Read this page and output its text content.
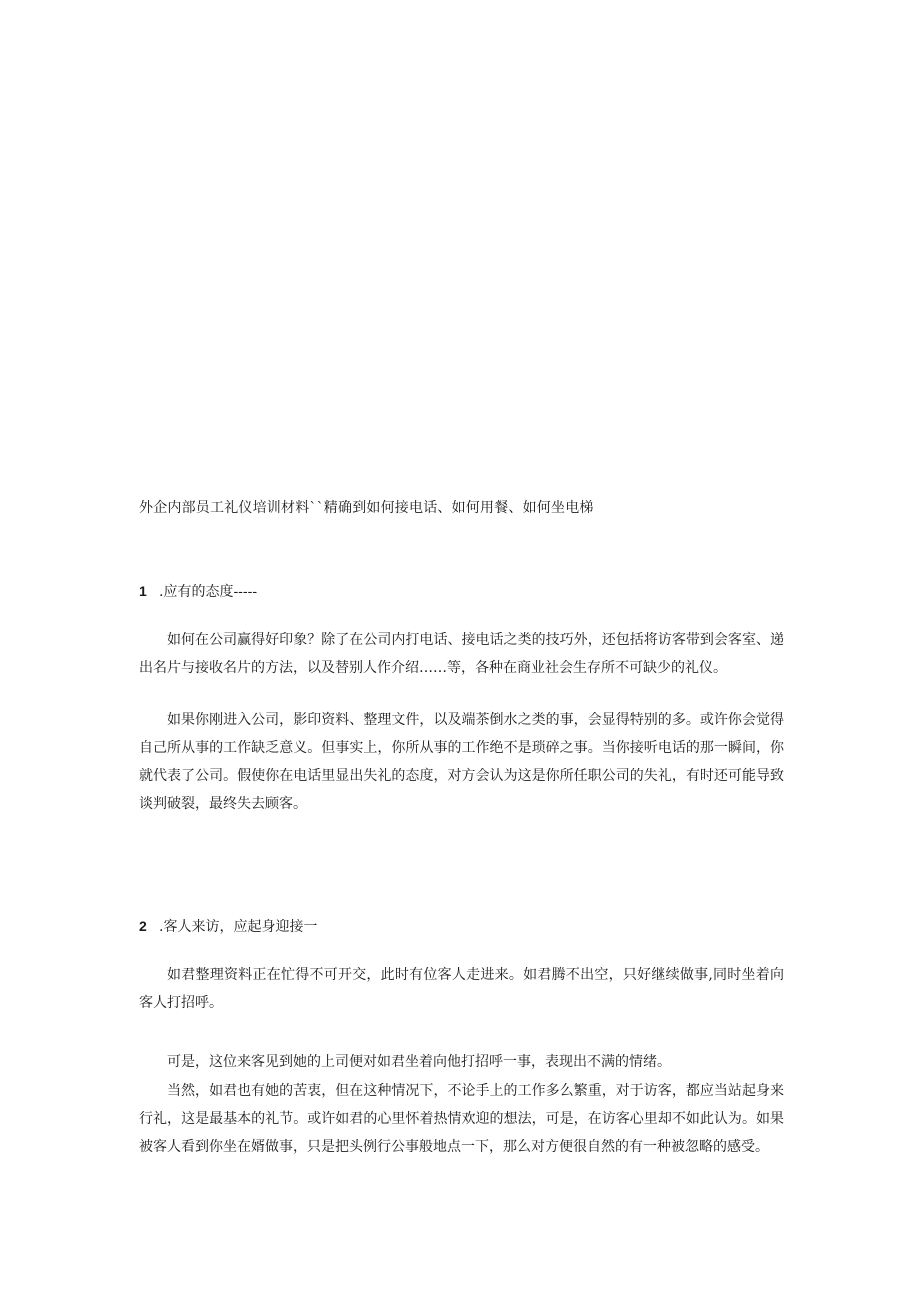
外企内部员工礼仪培训材料``精确到如何接电话、如何用餐、如何坐电梯
1 .应有的态度-----

如何在公司赢得好印象？除了在公司内打电话、接电话之类的技巧外，还包括将访客带到会客室、递出名片与接收名片的方法，以及替别人作介绍……等，各种在商业社会生存所不可缺少的礼仪。

如果你刚进入公司，影印资料、整理文件，以及端茶倒水之类的事，会显得特别的多。或许你会觉得自己所从事的工作缺乏意义。但事实上，你所从事的工作绝不是琐碎之事。当你接听电话的那一瞬间，你就代表了公司。假使你在电话里显出失礼的态度，对方会认为这是你所任职公司的失礼，有时还可能导致谈判破裂，最终失去顾客。

2 .客人来访，应起身迎接一

如君整理资料正在忙得不可开交，此时有位客人走进来。如君腾不出空，只好继续做事,同时坐着向客人打招呼。

可是，这位来客见到她的上司便对如君坐着向他打招呼一事，表现出不满的情绪。

当然，如君也有她的苦衷，但在这种情况下，不论手上的工作多么繁重，对于访客，都应当站起身来行礼，这是最基本的礼节。或许如君的心里怀着热情欢迎的想法，可是，在访客心里却不如此认为。如果被客人看到你坐在婿做事，只是把头例行公事般地点一下，那么对方便很自然的有一种被忽略的感受。
